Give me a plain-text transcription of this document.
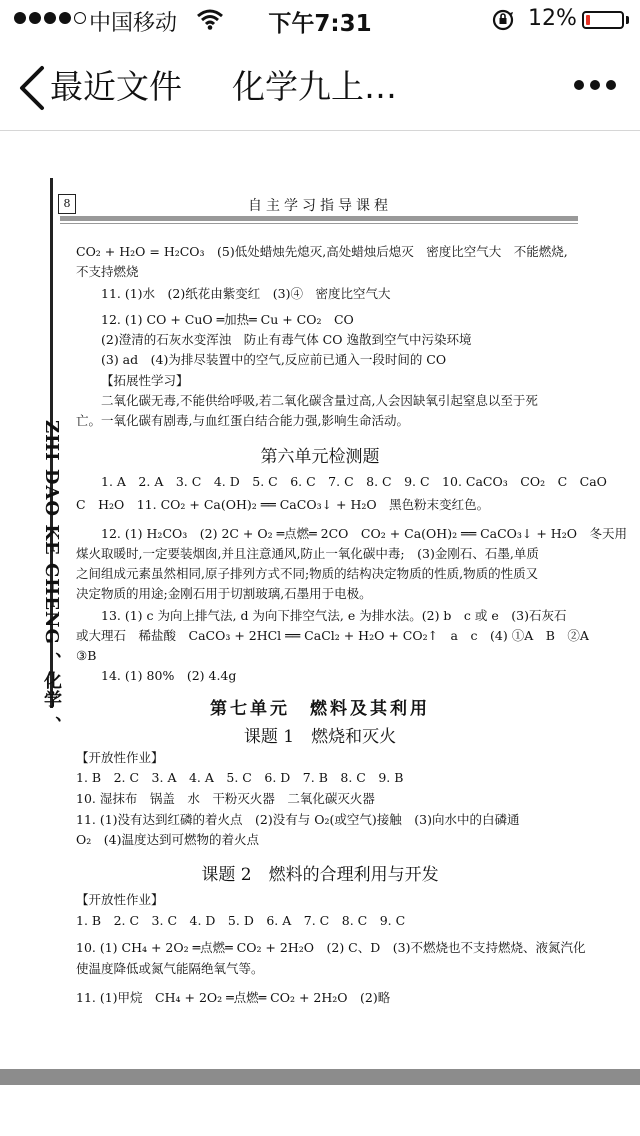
中国移动	下午7:31	12%
最近文件 化学九上…
ZHI DAO KE CHENG 、化学 、
8	自主学习指导课程
CO₂ + H₂O = H₂CO₃　(5)低处蜡烛先熄灭,高处蜡烛后熄灭　密度比空气大　不能燃烧,
不支持燃烧
11. (1)水　(2)纸花由紫变红　(3)④　密度比空气大
12. (1) CO + CuO ═加热═ Cu + CO₂　CO
(2)澄清的石灰水变浑浊　防止有毒气体 CO 逸散到空气中污染环境
(3) ad　(4)为排尽装置中的空气,反应前已通入一段时间的 CO
【拓展性学习】
二氧化碳无毒,不能供给呼吸,若二氧化碳含量过高,人会因缺氧引起窒息以至于死
亡。一氧化碳有剧毒,与血红蛋白结合能力强,影响生命活动。
第六单元检测题
1. A　2. A　3. C　4. D　5. C　6. C　7. C　8. C　9. C　10. CaCO₃　CO₂　C　CaO
C　H₂O　11. CO₂ + Ca(OH)₂ ══ CaCO₃↓ + H₂O　黑色粉末变红色。
12. (1) H₂CO₃　(2) 2C + O₂ ═点燃═ 2CO　CO₂ + Ca(OH)₂ ══ CaCO₃↓ + H₂O　冬天用
煤火取暖时,一定要装烟囱,并且注意通风,防止一氧化碳中毒;　(3)金刚石、石墨,单质
之间组成元素虽然相同,原子排列方式不同;物质的结构决定物质的性质,物质的性质又
决定物质的用途;金刚石用于切割玻璃,石墨用于电极。
13. (1) c 为向上排气法, d 为向下排空气法, e 为排水法。(2) b　c 或 e　(3)石灰石
或大理石　稀盐酸　CaCO₃ + 2HCl ══ CaCl₂ + H₂O + CO₂↑　a　c　(4) ①A　B　②A
③B
14. (1) 80%　(2) 4.4g
第七单元　燃料及其利用
课题 1　燃烧和灭火
【开放性作业】
1. B　2. C　3. A　4. A　5. C　6. D　7. B　8. C　9. B
10. 湿抹布　锅盖　水　干粉灭火器　二氧化碳灭火器
11. (1)没有达到红磷的着火点　(2)没有与 O₂(或空气)接触　(3)向水中的白磷通
O₂　(4)温度达到可燃物的着火点
课题 2　燃料的合理利用与开发
【开放性作业】
1. B　2. C　3. C　4. D　5. D　6. A　7. C　8. C　9. C
10. (1) CH₄ + 2O₂ ═点燃═ CO₂ + 2H₂O　(2) C、D　(3)不燃烧也不支持燃烧、液氮汽化
使温度降低或氮气能隔绝氧气等。
11. (1)甲烷　CH₄ + 2O₂ ═点燃═ CO₂ + 2H₂O　(2)略
